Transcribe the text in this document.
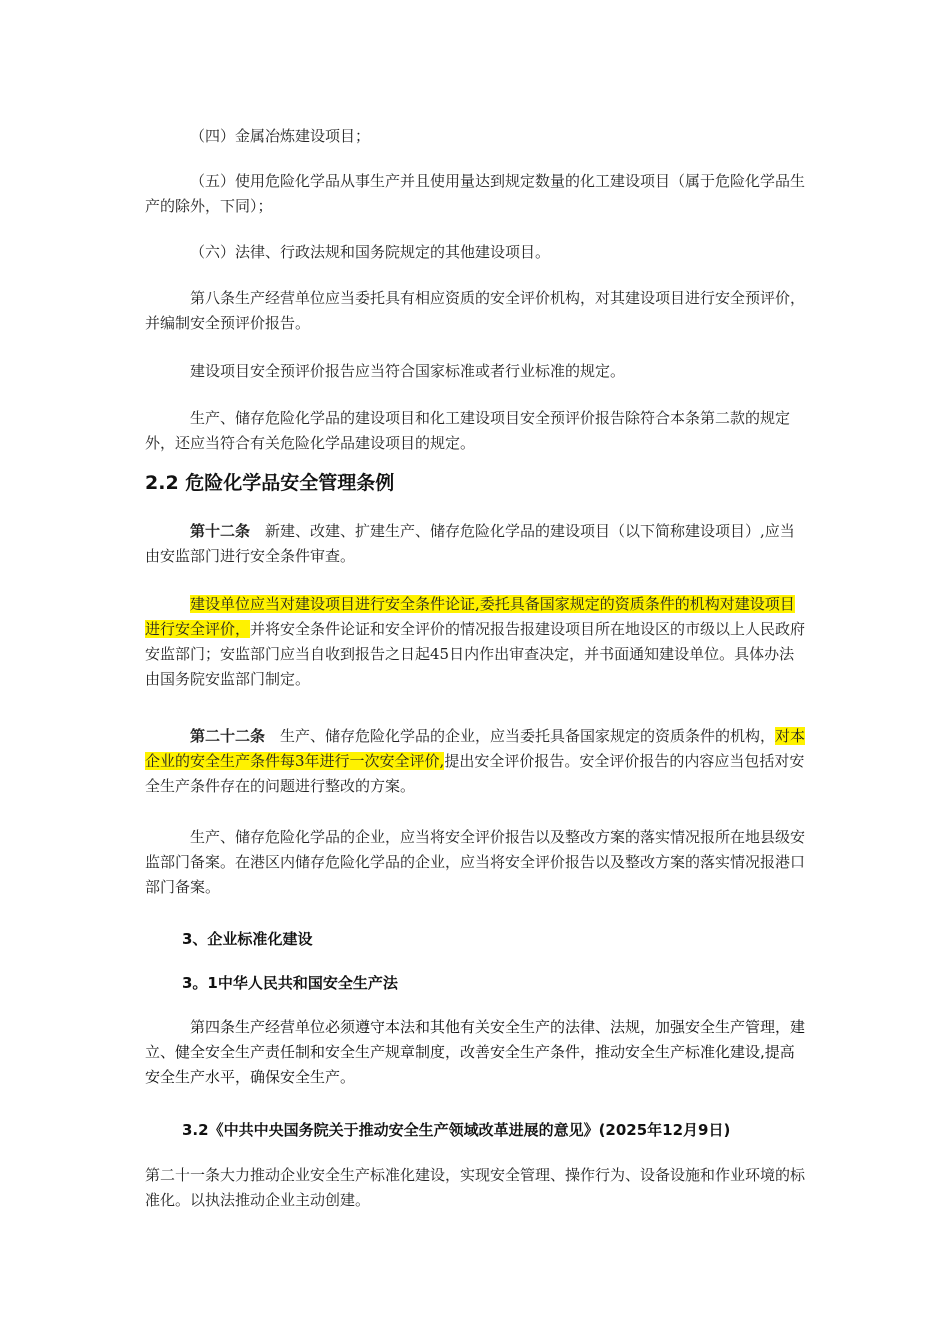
（四）金属冶炼建设项目；

（五）使用危险化学品从事生产并且使用量达到规定数量的化工建设项目（属于危险化学品生产的除外，下同）；

（六）法律、行政法规和国务院规定的其他建设项目。

第八条生产经营单位应当委托具有相应资质的安全评价机构，对其建设项目进行安全预评价，并编制安全预评价报告。

建设项目安全预评价报告应当符合国家标准或者行业标准的规定。

生产、储存危险化学品的建设项目和化工建设项目安全预评价报告除符合本条第二款的规定外，还应当符合有关危险化学品建设项目的规定。

2.2 危险化学品安全管理条例

第十二条　 新建、改建、扩建生产、储存危险化学品的建设项目（以下简称建设项目）,应当由安监部门进行安全条件审查。

建设单位应当对建设项目进行安全条件论证,委托具备国家规定的资质条件的机构对建设项目进行安全评价，并将安全条件论证和安全评价的情况报告报建设项目所在地设区的市级以上人民政府安监部门；安监部门应当自收到报告之日起45日内作出审查决定，并书面通知建设单位。具体办法由国务院安监部门制定。

第二十二条　 生产、储存危险化学品的企业，应当委托具备国家规定的资质条件的机构，对本企业的安全生产条件每3年进行一次安全评价,提出安全评价报告。安全评价报告的内容应当包括对安全生产条件存在的问题进行整改的方案。

生产、储存危险化学品的企业，应当将安全评价报告以及整改方案的落实情况报所在地县级安监部门备案。在港区内储存危险化学品的企业，应当将安全评价报告以及整改方案的落实情况报港口部门备案。

3、企业标准化建设

3。1中华人民共和国安全生产法

第四条生产经营单位必须遵守本法和其他有关安全生产的法律、法规，加强安全生产管理，建立、健全安全生产责任制和安全生产规章制度，改善安全生产条件，推动安全生产标准化建设,提高安全生产水平，确保安全生产。

3.2《中共中央国务院关于推动安全生产领域改革进展的意见》(2025年12月9日)

第二十一条大力推动企业安全生产标准化建设，实现安全管理、操作行为、设备设施和作业环境的标准化。以执法推动企业主动创建。
